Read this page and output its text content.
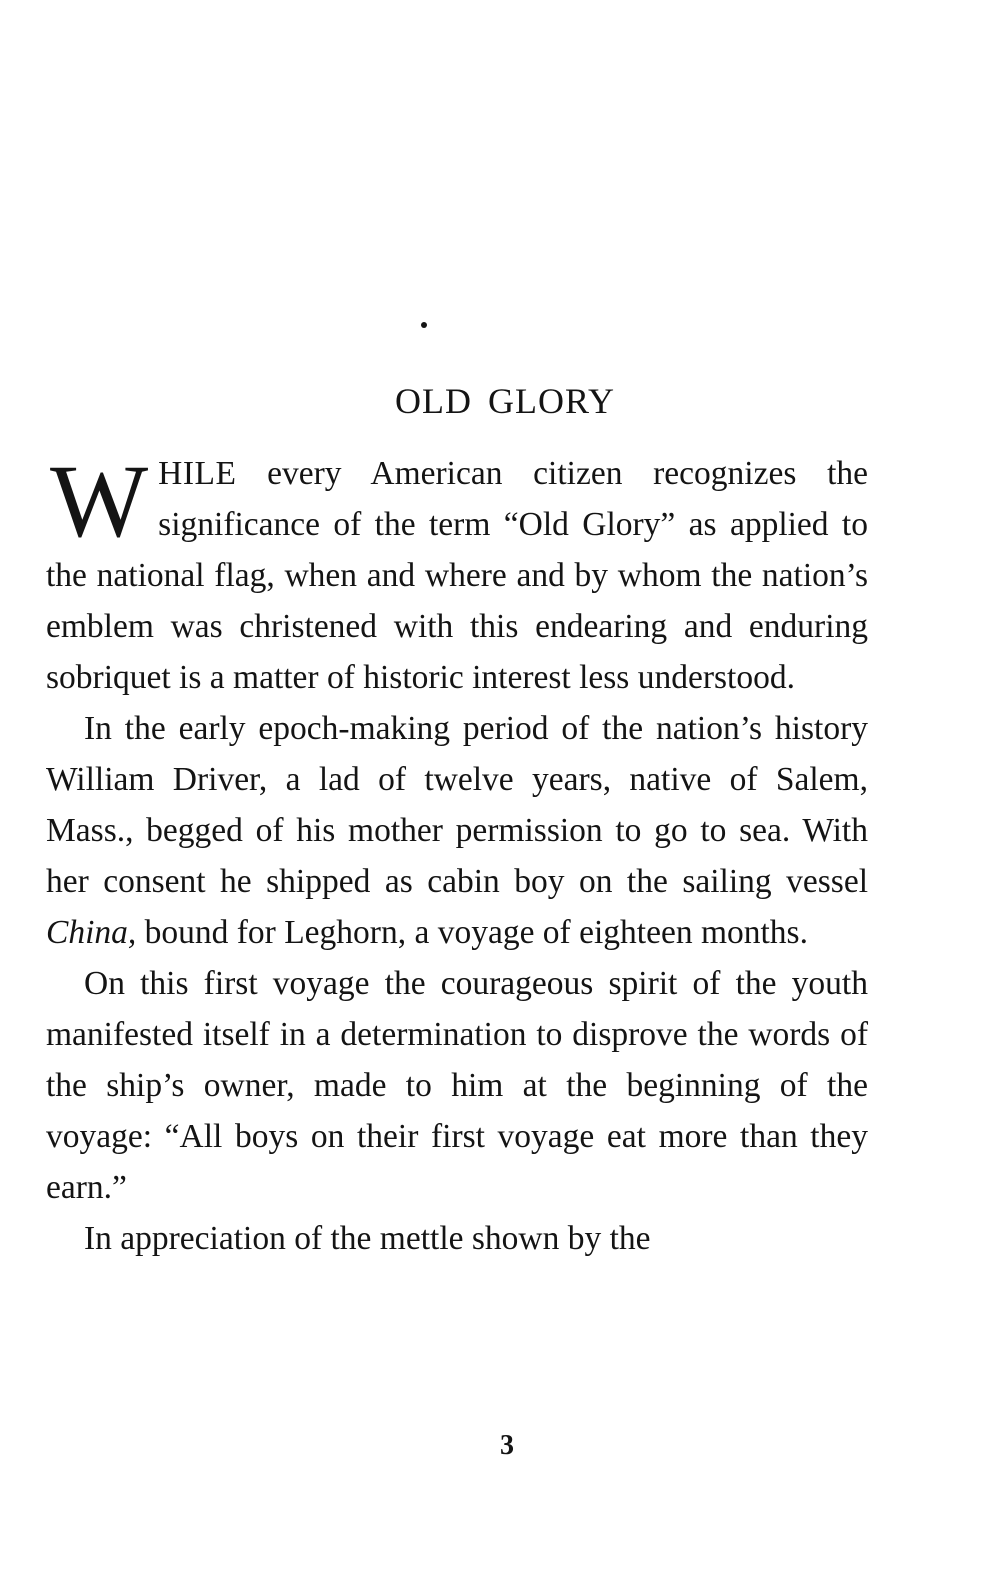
OLD GLORY

WHILE every American citizen recognizes the significance of the term “Old Glory” as applied to the national flag, when and where and by whom the nation’s emblem was christened with this endearing and enduring sobriquet is a matter of historic interest less understood.

In the early epoch-making period of the nation’s history William Driver, a lad of twelve years, native of Salem, Mass., begged of his mother permission to go to sea. With her consent he shipped as cabin boy on the sailing vessel China, bound for Leghorn, a voyage of eighteen months.

On this first voyage the courageous spirit of the youth manifested itself in a determination to disprove the words of the ship’s owner, made to him at the beginning of the voyage: “All boys on their first voyage eat more than they earn.”

In appreciation of the mettle shown by the

3
